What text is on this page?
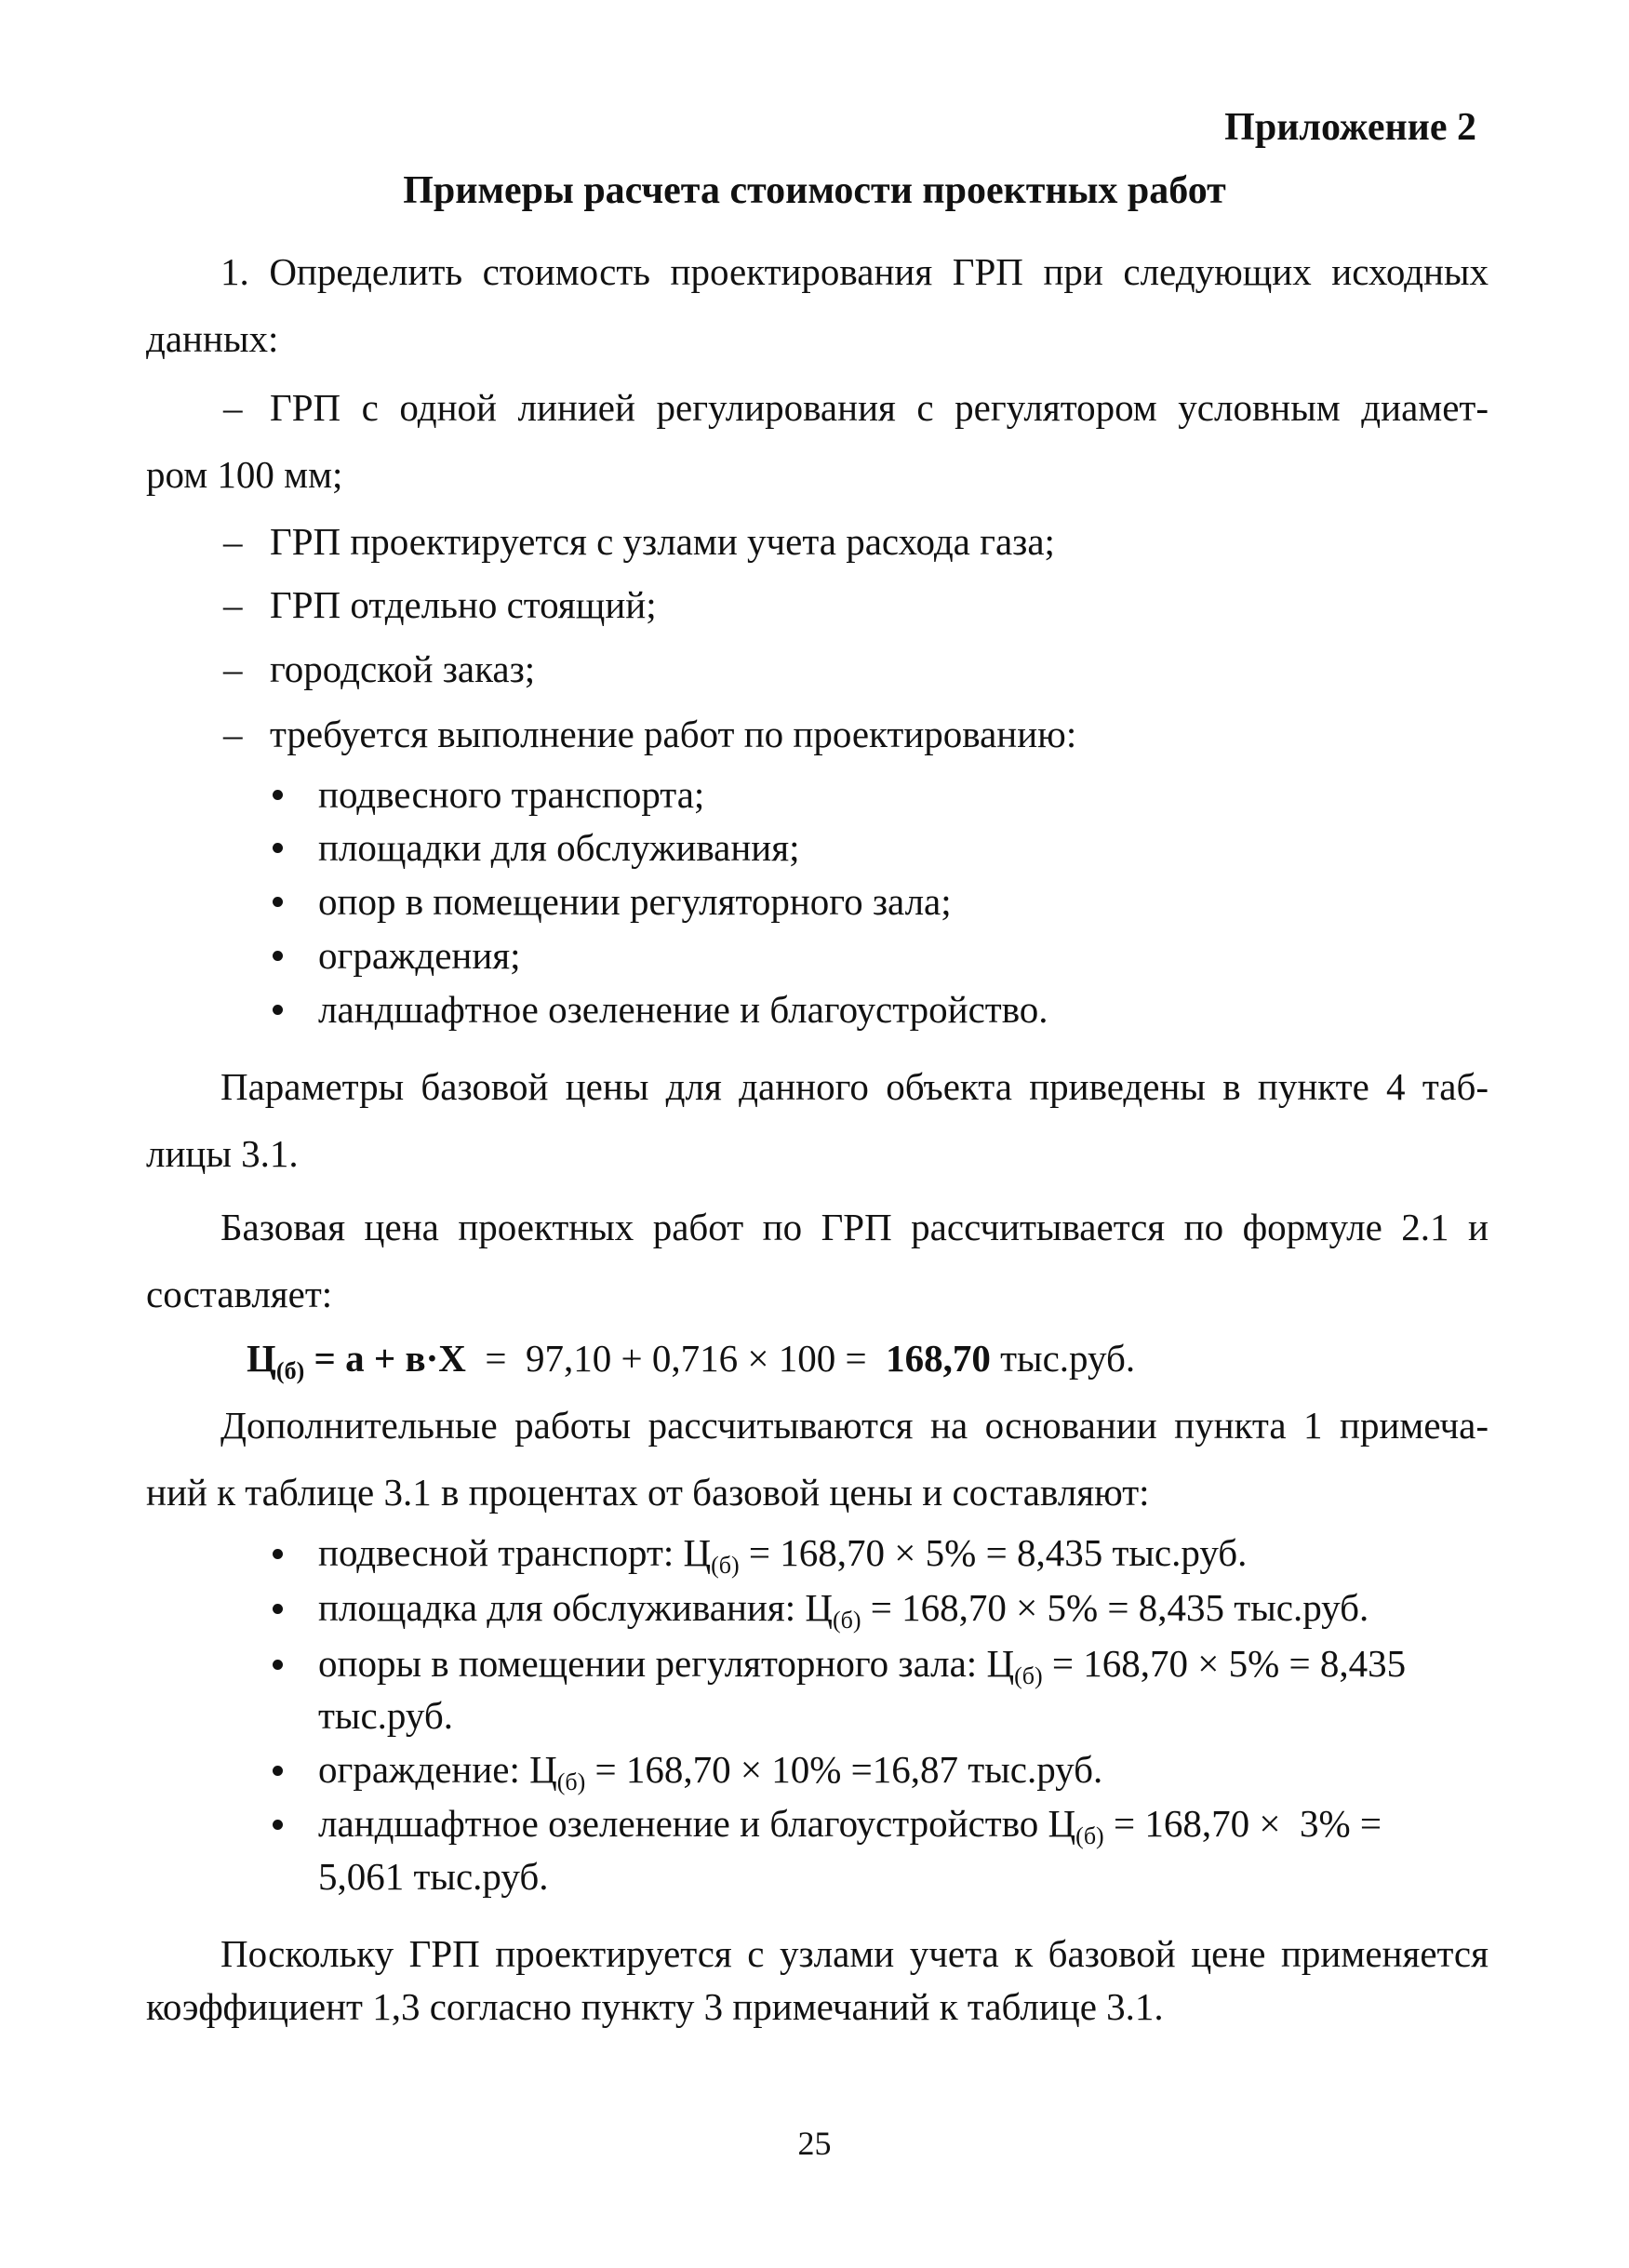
Приложение 2
Примеры расчета стоимости проектных работ
1. Определить стоимость проектирования ГРП при следующих исходных
данных:
– ГРП с одной линией регулирования с регулятором условным диамет-
ром 100 мм;
– ГРП проектируется с узлами учета расхода газа;
– ГРП отдельно стоящий;
– городской заказ;
– требуется выполнение работ по проектированию:
подвесного транспорта;
площадки для обслуживания;
опор в помещении регуляторного зала;
ограждения;
ландшафтное озеленение и благоустройство.
Параметры базовой цены для данного объекта приведены в пункте 4 таб-
лицы 3.1.
Базовая цена проектных работ по ГРП рассчитывается по формуле 2.1 и
составляет:
$Ц_{(б)} = а + в\cdot Х = 97,10 + 0,716 \times 100 = 168,70$ тыс.руб.
Дополнительные работы рассчитываются на основании пункта 1 примеча-
ний к таблице 3.1 в процентах от базовой цены и составляют:
подвесной транспорт: $Ц_{(б)} = 168,70 \times 5\% = 8,435$ тыс.руб.
площадка для обслуживания: $Ц_{(б)} = 168,70 \times 5\% = 8,435$ тыс.руб.
опоры в помещении регуляторного зала: $Ц_{(б)} = 168,70 \times 5\% = 8,435$
тыс.руб.
ограждение: $Ц_{(б)} = 168,70 \times 10\% =16,87$ тыс.руб.
ландшафтное озеленение и благоустройство $Ц_{(б)} = 168,70 \times 3\%$ =
5,061 тыс.руб.
Поскольку ГРП проектируется с узлами учета к базовой цене применяется
коэффициент 1,3 согласно пункту 3 примечаний к таблице 3.1.
25
